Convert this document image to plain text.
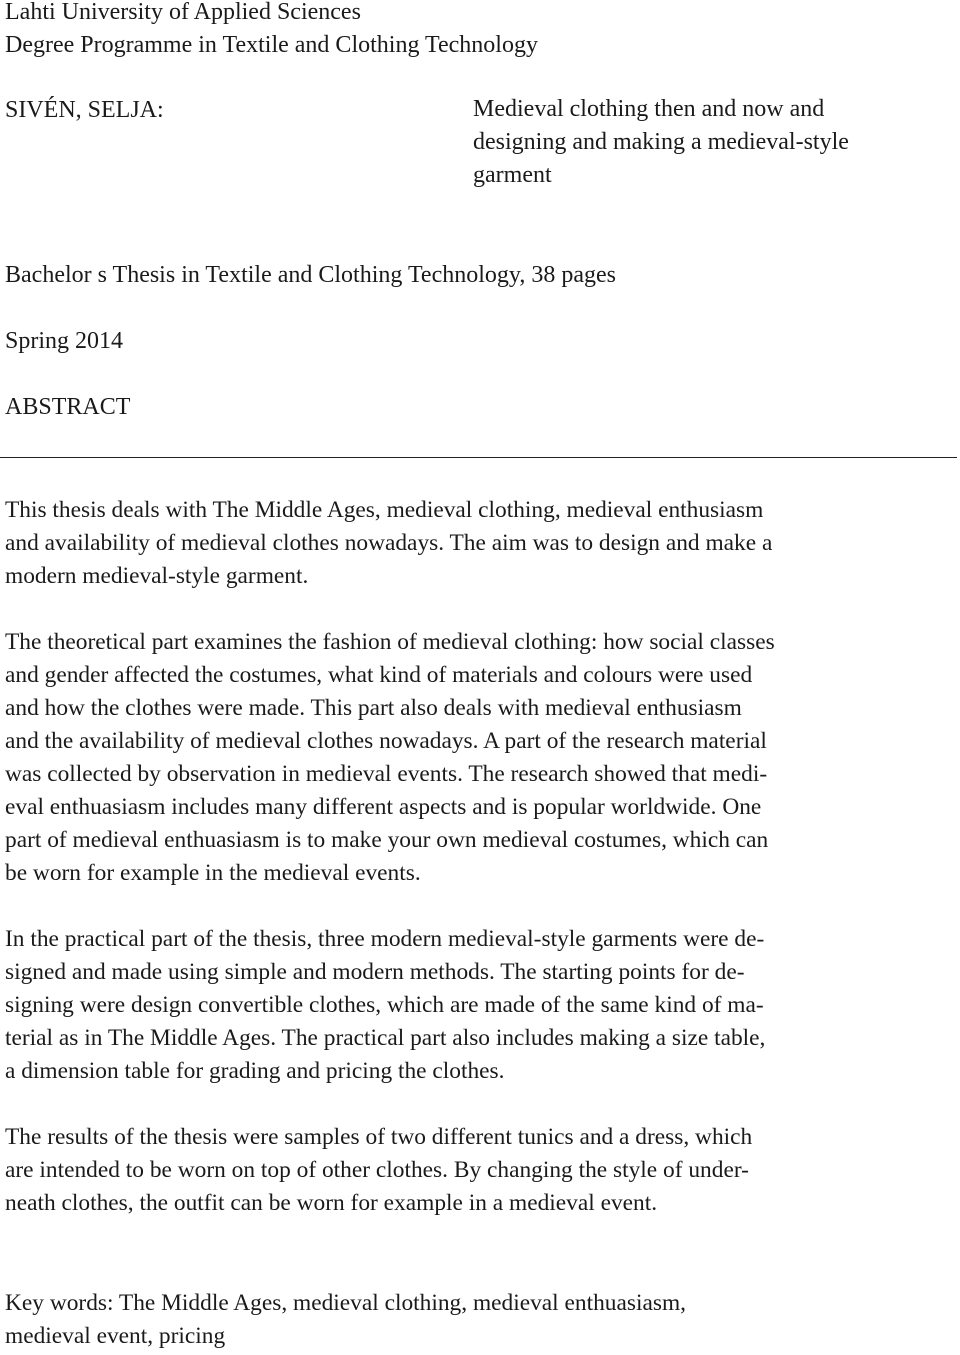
Lahti University of Applied Sciences

Degree Programme in Textile and Clothing Technology

SIVÉN, SELJA:	Medieval clothing then and now and
designing and making a medieval-style
garment

Bachelor s Thesis in Textile and Clothing Technology, 38 pages

Spring 2014

ABSTRACT

This thesis deals with The Middle Ages, medieval clothing, medieval enthusiasm
and availability of medieval clothes nowadays. The aim was to design and make a
modern medieval-style garment.
The theoretical part examines the fashion of medieval clothing: how social classes
and gender affected the costumes, what kind of materials and colours were used
and how the clothes were made. This part also deals with medieval enthusiasm
and the availability of medieval clothes nowadays. A part of the research material
was collected by observation in medieval events. The research showed that medi-
eval enthuasiasm includes many different aspects and is popular worldwide. One
part of medieval enthuasiasm is to make your own medieval costumes, which can
be worn for example in the medieval events.
In the practical part of the thesis, three modern medieval-style garments were de-
signed and made using simple and modern methods. The starting points for de-
signing were design convertible clothes, which are made of the same kind of ma-
terial as in The Middle Ages. The practical part also includes making a size table,
a dimension table for grading and pricing the clothes.
The results of the thesis were samples of two different tunics and a dress, which
are intended to be worn on top of other clothes. By changing the style of under-
neath clothes, the outfit can be worn for example in a medieval event.
Key words: The Middle Ages, medieval clothing, medieval enthuasiasm,
medieval event, pricing
